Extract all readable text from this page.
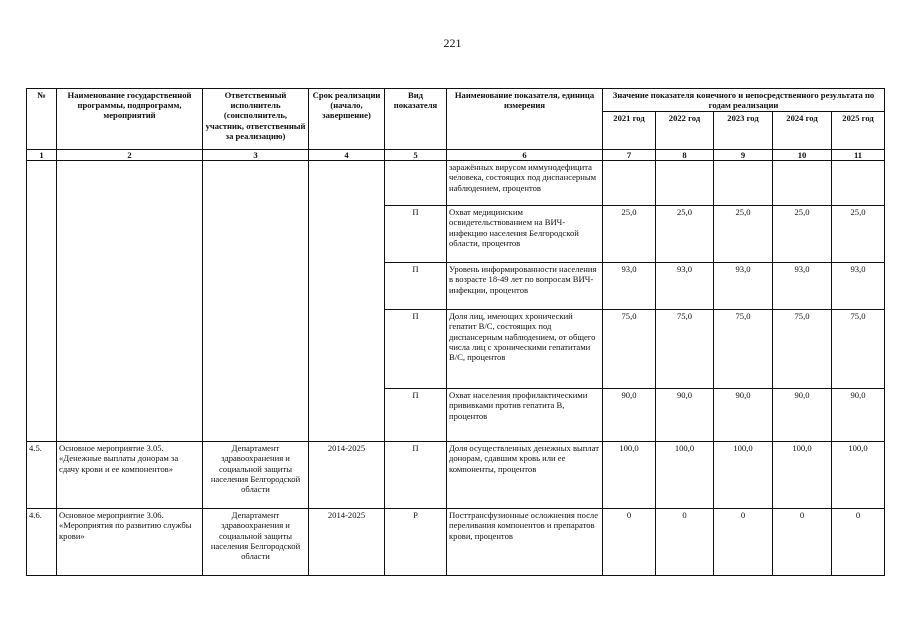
221
№	Наименование государственной программы, подпрограмм, мероприятий	Ответственный исполнитель (соисполнитель, участник, ответственный за реализацию)	Срок реализации (начало, завершение)	Вид показателя	Наименование показателя, единица измерения	Значение показателя конечного и непосредственного результата по годам реализации				
						2021 год	2022 год	2023 год	2024 год	2025 год
1	2	3	4	5	6	7	8	9	10	11
					заражённых вирусом иммунодефицита человека, состоящих под диспансерным наблюдением, процентов					
				П	Охват медицинским освидетельствованием на ВИЧ-инфекцию населения Белгородской области, процентов	25,0	25,0	25,0	25,0	25,0
				П	Уровень информированности населения в возрасте 18-49 лет по вопросам ВИЧ-инфекции, процентов	93,0	93,0	93,0	93,0	93,0
				П	Доля лиц, имеющих хронический гепатит В/С, состоящих под диспансерным наблюдением, от общего числа лиц с хроническими гепатитами В/С, процентов	75,0	75,0	75,0	75,0	75,0
				П	Охват населения профилактическими прививками против гепатита В, процентов	90,0	90,0	90,0	90,0	90,0
4.5.	Основное мероприятие 3.05. «Денежные выплаты донорам за сдачу крови и ее компонентов»	Департамент здравоохранения и социальной защиты населения Белгородской области	2014-2025	П	Доля осуществленных денежных выплат донорам, сдавшим кровь или ее компоненты, процентов	100,0	100,0	100,0	100,0	100,0
4.6.	Основное мероприятие 3.06. «Мероприятия по развитию службы крови»	Департамент здравоохранения и социальной защиты населения Белгородской области	2014-2025	Р	Посттрансфузионные осложнения после переливания компонентов и препаратов крови, процентов	0	0	0	0	0
